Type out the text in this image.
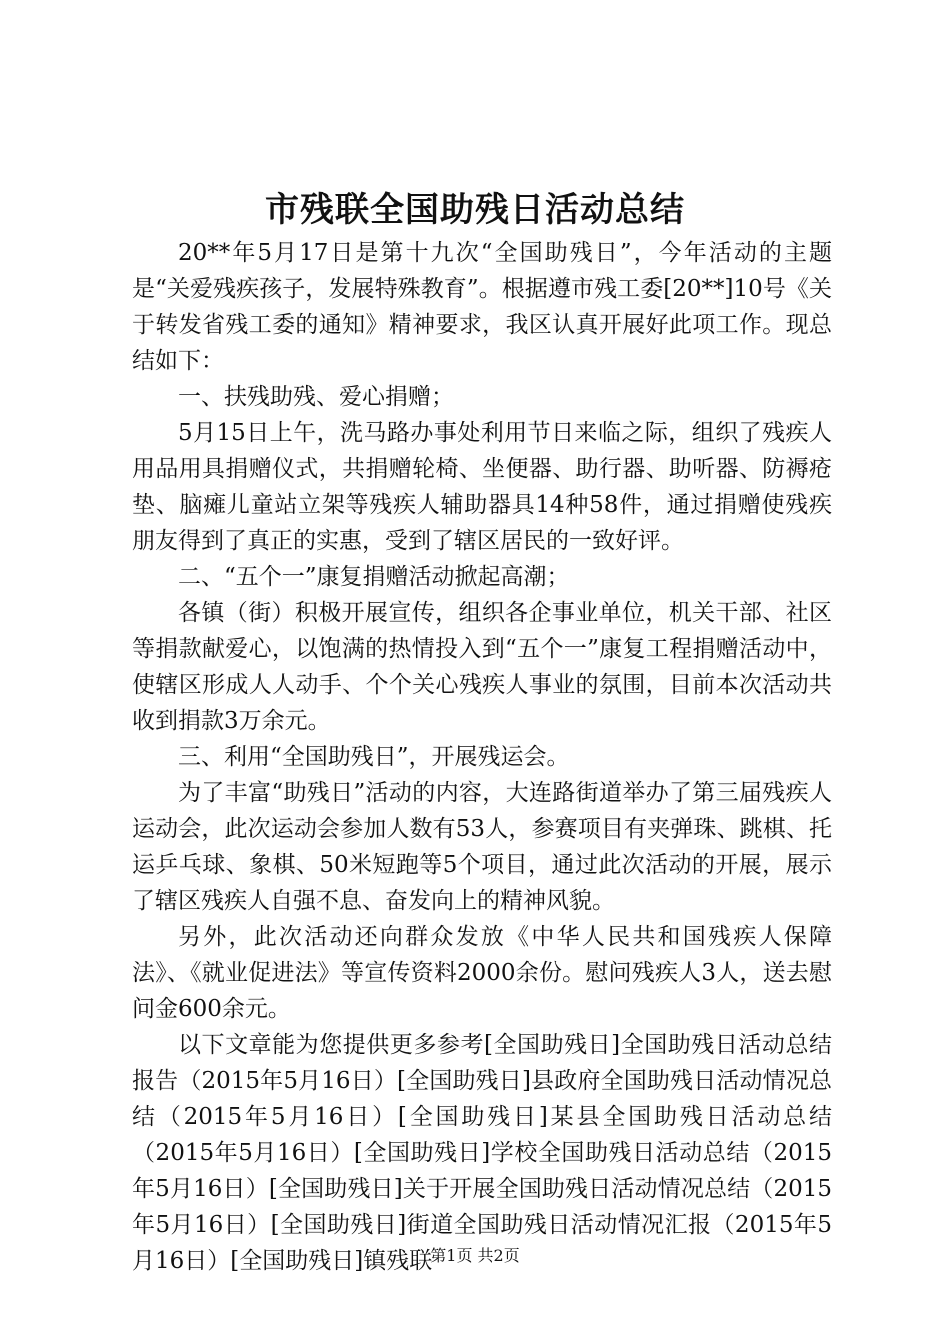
市残联全国助残日活动总结

20**年5月17日是第十九次“全国助残日”，今年活动的主题是“关爱残疾孩子，发展特殊教育”。根据遵市残工委[20**]10号《关于转发省残工委的通知》精神要求，我区认真开展好此项工作。现总结如下：

一、扶残助残、爱心捐赠；

5月15日上午，洗马路办事处利用节日来临之际，组织了残疾人用品用具捐赠仪式，共捐赠轮椅、坐便器、助行器、助听器、防褥疮垫、脑瘫儿童站立架等残疾人辅助器具14种58件，通过捐赠使残疾朋友得到了真正的实惠，受到了辖区居民的一致好评。

二、“五个一”康复捐赠活动掀起高潮；

各镇（街）积极开展宣传，组织各企事业单位，机关干部、社区等捐款献爱心，以饱满的热情投入到“五个一”康复工程捐赠活动中，使辖区形成人人动手、个个关心残疾人事业的氛围，目前本次活动共收到捐款3万余元。

三、利用“全国助残日”，开展残运会。

为了丰富“助残日”活动的内容，大连路街道举办了第三届残疾人运动会，此次运动会参加人数有53人，参赛项目有夹弹珠、跳棋、托运乒乓球、象棋、50米短跑等5个项目，通过此次活动的开展，展示了辖区残疾人自强不息、奋发向上的精神风貌。

另外，此次活动还向群众发放《中华人民共和国残疾人保障法》、《就业促进法》等宣传资料2000余份。慰问残疾人3人，送去慰问金600余元。

以下文章能为您提供更多参考[全国助残日]全国助残日活动总结报告（2015年5月16日）[全国助残日]县政府全国助残日活动情况总结（2015年5月16日）[全国助残日]某县全国助残日活动总结（2015年5月16日）[全国助残日]学校全国助残日活动总结（2015年5月16日）[全国助残日]关于开展全国助残日活动情况总结（2015年5月16日）[全国助残日]街道全国助残日活动情况汇报（2015年5月16日）[全国助残日]镇残联

第1页 共2页
